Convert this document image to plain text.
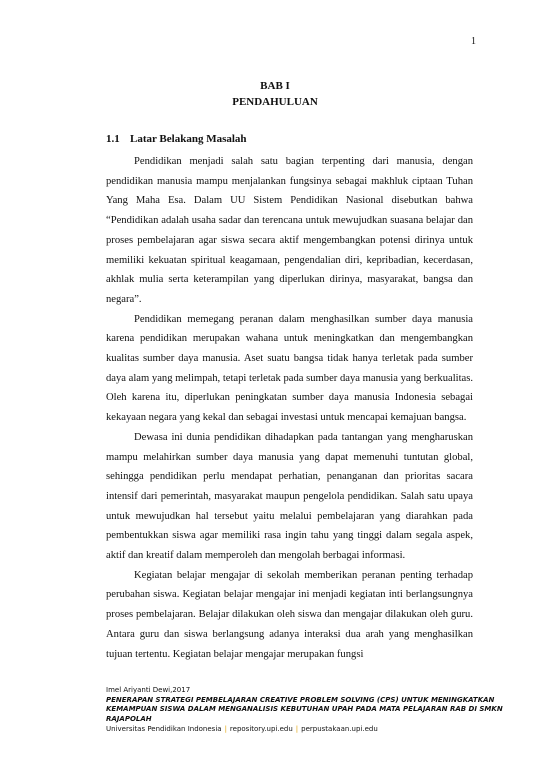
1
BAB I
PENDAHULUAN
1.1 Latar Belakang Masalah

Pendidikan menjadi salah satu bagian terpenting dari manusia, dengan pendidikan manusia mampu menjalankan fungsinya sebagai makhluk ciptaan Tuhan Yang Maha Esa. Dalam UU Sistem Pendidikan Nasional disebutkan bahwa “Pendidikan adalah usaha sadar dan terencana untuk mewujudkan suasana belajar dan proses pembelajaran agar siswa secara aktif mengembangkan potensi dirinya untuk memiliki kekuatan spiritual keagamaan, pengendalian diri, kepribadian, kecerdasan, akhlak mulia serta keterampilan yang diperlukan dirinya, masyarakat, bangsa dan negara”.

Pendidikan memegang peranan dalam menghasilkan sumber daya manusia karena pendidikan merupakan wahana untuk meningkatkan dan mengembangkan kualitas sumber daya manusia. Aset suatu bangsa tidak hanya terletak pada sumber daya alam yang melimpah, tetapi terletak pada sumber daya manusia yang berkualitas. Oleh karena itu, diperlukan peningkatan sumber daya manusia Indonesia sebagai kekayaan negara yang kekal dan sebagai investasi untuk mencapai kemajuan bangsa.

Dewasa ini dunia pendidikan dihadapkan pada tantangan yang mengharuskan mampu melahirkan sumber daya manusia yang dapat memenuhi tuntutan global, sehingga pendidikan perlu mendapat perhatian, penanganan dan prioritas sacara intensif dari pemerintah, masyarakat maupun pengelola pendidikan. Salah satu upaya untuk mewujudkan hal tersebut yaitu melalui pembelajaran yang diarahkan pada pembentukkan siswa agar memiliki rasa ingin tahu yang tinggi dalam segala aspek, aktif dan kreatif dalam memperoleh dan mengolah berbagai informasi.

Kegiatan belajar mengajar di sekolah memberikan peranan penting terhadap perubahan siswa. Kegiatan belajar mengajar ini menjadi kegiatan inti berlangsungnya proses pembelajaran. Belajar dilakukan oleh siswa dan mengajar dilakukan oleh guru. Antara guru dan siswa berlangsung adanya interaksi dua arah yang menghasilkan tujuan tertentu. Kegiatan belajar mengajar merupakan fungsi

Imel Ariyanti Dewi,2017
PENERAPAN STRATEGI PEMBELAJARAN CREATIVE PROBLEM SOLVING (CPS) UNTUK MENINGKATKAN KEMAMPUAN SISWA DALAM MENGANALISIS KEBUTUHAN UPAH PADA MATA PELAJARAN RAB DI SMKN RAJAPOLAH
Universitas Pendidikan Indonesia | repository.upi.edu | perpustakaan.upi.edu
